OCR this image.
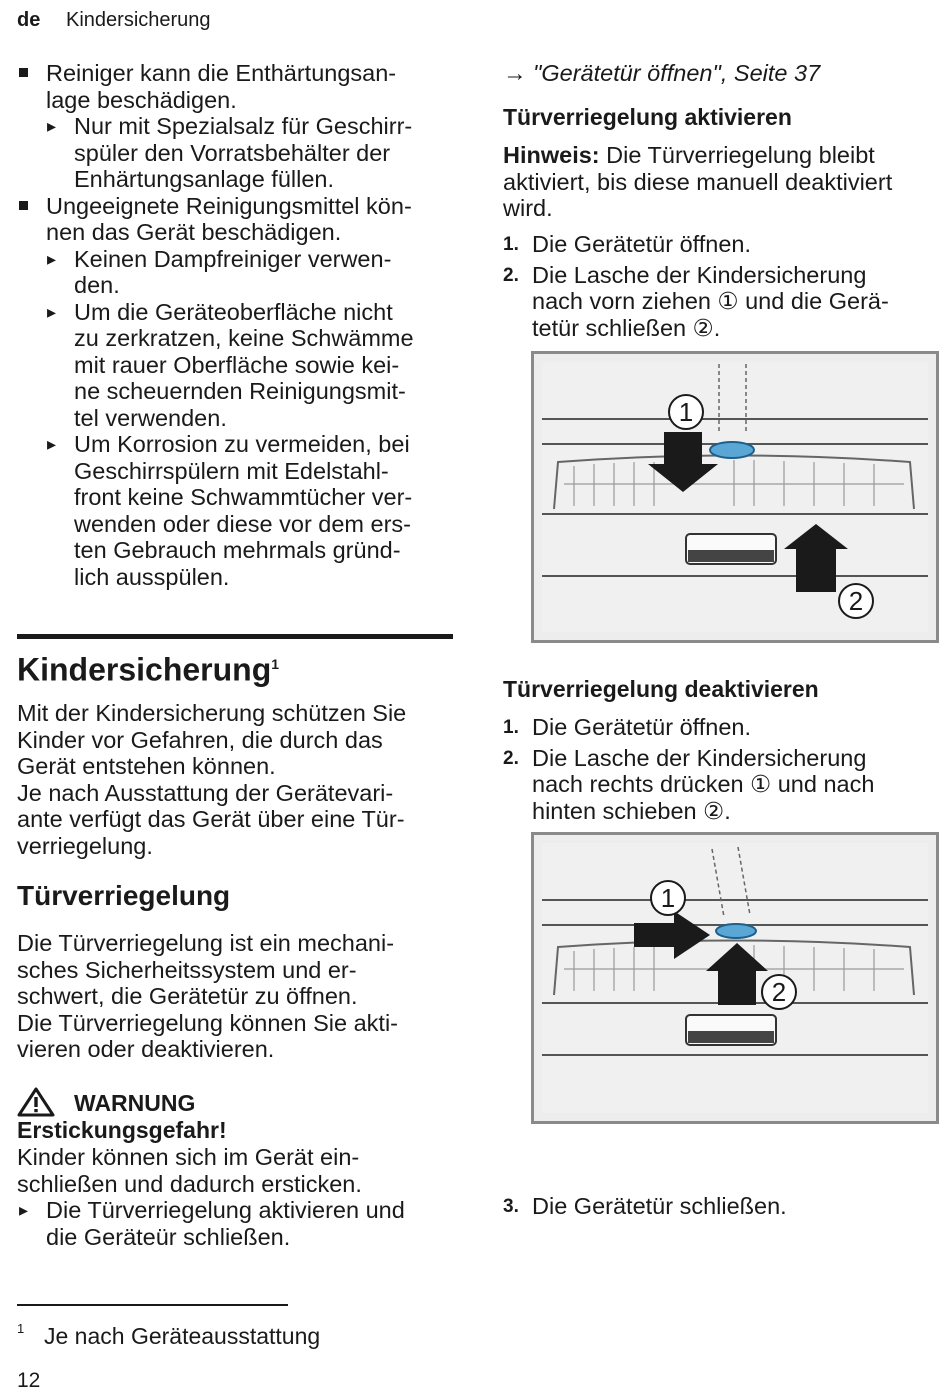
de Kindersicherung
Reiniger kann die Enthärtungsan-
lage beschädigen.
▸ Nur mit Spezialsalz für Geschirr-
spüler den Vorratsbehälter der
Enhärtungsanlage füllen.
Ungeeignete Reinigungsmittel kön-
nen das Gerät beschädigen.
▸ Keinen Dampfreiniger verwen-
den.
▸ Um die Geräteoberfläche nicht
zu zerkratzen, keine Schwämme
mit rauer Oberfläche sowie kei-
ne scheuernden Reinigungsmit-
tel verwenden.
▸ Um Korrosion zu vermeiden, bei
Geschirrspülern mit Edelstahl-
front keine Schwammtücher ver-
wenden oder diese vor dem ers-
ten Gebrauch mehrmals gründ-
lich ausspülen.
Kindersicherung$^1$
Mit der Kindersicherung schützen Sie
Kinder vor Gefahren, die durch das
Gerät entstehen können.
Je nach Ausstattung der Gerätevari-
ante verfügt das Gerät über eine Tür-
verriegelung.
Türverriegelung
Die Türverriegelung ist ein mechani-
sches Sicherheitssystem und er-
schwert, die Gerätetür zu öffnen.
Die Türverriegelung können Sie akti-
vieren oder deaktivieren.
WARNUNG
Erstickungsgefahr!
Kinder können sich im Gerät ein-
schließen und dadurch ersticken.
▸ Die Türverriegelung aktivieren und
die Geräteür schließen.
1 Je nach Geräteausstattung
12
→ "Gerätetür öffnen", Seite 37
Türverriegelung aktivieren
Hinweis: Die Türverriegelung bleibt
aktiviert, bis diese manuell deaktiviert
wird.
1. Die Gerätetür öffnen.
2. Die Lasche der Kindersicherung
nach vorn ziehen ① und die Gerä-
tetür schließen ②.
1
2
Türverriegelung deaktivieren
1. Die Gerätetür öffnen.
2. Die Lasche der Kindersicherung
nach rechts drücken ① und nach
hinten schieben ②.
1
2
3. Die Gerätetür schließen.
